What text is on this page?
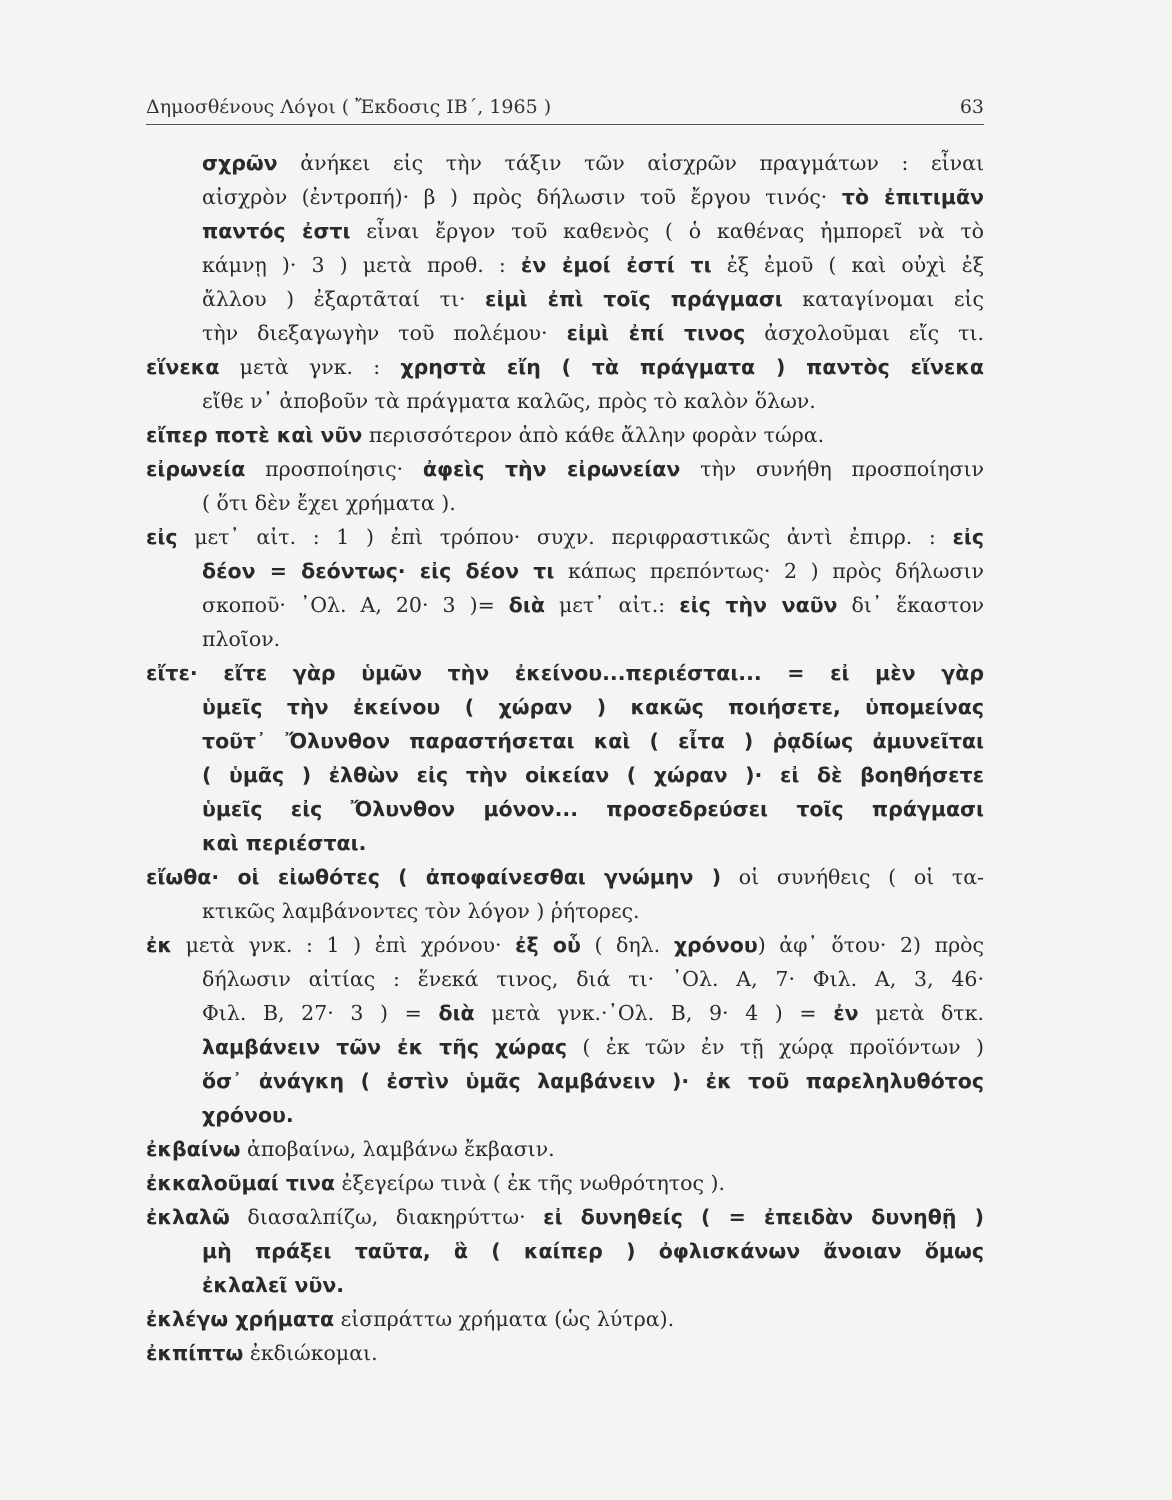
Δημοσθένους Λόγοι ( Ἔκδοσις ΙΒ΄, 1965 )	63
σχρῶν ἀνήκει εἰς τὴν τάξιν τῶν αἰσχρῶν πραγμάτων : εἶναι
αἰσχρὸν (ἐντροπή)· β ) πρὸς δήλωσιν τοῦ ἔργου τινός· τὸ ἐπιτιμᾶν
παντός ἐστι εἶναι ἔργον τοῦ καθενὸς ( ὁ καθένας ἠμπορεῖ νὰ τὸ
κάμνῃ )· 3 ) μετὰ προθ. : ἐν ἐμοί ἐστί τι ἐξ ἐμοῦ ( καὶ οὐχὶ ἐξ
ἄλλου ) ἐξαρτᾶταί τι· εἰμὶ ἐπὶ τοῖς πράγμασι καταγίνομαι εἰς
τὴν διεξαγωγὴν τοῦ πολέμου· εἰμὶ ἐπί τινος ἀσχολοῦμαι εἴς τι.
εἵνεκα μετὰ γνκ. : χρηστὰ εἴη ( τὰ πράγματα ) παντὸς εἵνεκα
εἴθε ν᾿ ἀποβοῦν τὰ πράγματα καλῶς, πρὸς τὸ καλὸν ὅλων.
εἴπερ ποτὲ καὶ νῦν περισσότερον ἀπὸ κάθε ἄλλην φορὰν τώρα.
εἰρωνεία προσποίησις· ἀφεὶς τὴν εἰρωνείαν τὴν συνήθη προσποίησιν
( ὅτι δὲν ἔχει χρήματα ).
εἰς μετ᾿ αἰτ. : 1 ) ἐπὶ τρόπου· συχν. περιφραστικῶς ἀντὶ ἐπιρρ. : εἰς
δέον = δεόντως· εἰς δέον τι κάπως πρεπόντως· 2 ) πρὸς δήλωσιν
σκοποῦ· ᾿Ολ. Α, 20· 3 )= διὰ μετ᾿ αἰτ.: εἰς τὴν ναῦν δι᾿ ἕκαστον
πλοῖον.
εἴτε· εἴτε γὰρ ὑμῶν τὴν ἐκείνου...περιέσται... = εἰ μὲν γὰρ
ὑμεῖς τὴν ἐκείνου ( χώραν ) κακῶς ποιήσετε, ὑπομείνας
τοῦτ᾿ Ὄλυνθον παραστήσεται καὶ ( εἶτα ) ῥᾳδίως ἀμυνεῖται
( ὑμᾶς ) ἐλθὼν εἰς τὴν οἰκείαν ( χώραν )· εἰ δὲ βοηθήσετε
ὑμεῖς εἰς Ὄλυνθον μόνον... προσεδρεύσει τοῖς πράγμασι
καὶ περιέσται.
εἴωθα· οἱ εἰωθότες ( ἀποφαίνεσθαι γνώμην ) οἱ συνήθεις ( οἱ τα-
κτικῶς λαμβάνοντες τὸν λόγον ) ῥήτορες.
ἐκ μετὰ γνκ. : 1 ) ἐπὶ χρόνου· ἐξ οὗ ( δηλ. χρόνου) ἀφ᾿ ὅτου· 2) πρὸς
δήλωσιν αἰτίας : ἕνεκά τινος, διά τι· ᾿Ολ. Α, 7· Φιλ. Α, 3, 46·
Φιλ. Β, 27· 3 ) = διὰ μετὰ γνκ.·᾿Ολ. Β, 9· 4 ) = ἐν μετὰ δτκ.
λαμβάνειν τῶν ἐκ τῆς χώρας ( ἐκ τῶν ἐν τῇ χώρᾳ προϊόντων )
ὅσ᾿ ἀνάγκη ( ἐστὶν ὑμᾶς λαμβάνειν )· ἐκ τοῦ παρεληλυθότος
χρόνου.
ἐκβαίνω ἀποβαίνω, λαμβάνω ἔκβασιν.
ἐκκαλοῦμαί τινα ἐξεγείρω τινὰ ( ἐκ τῆς νωθρότητος ).
ἐκλαλῶ διασαλπίζω, διακηρύττω· εἰ δυνηθείς ( = ἐπειδὰν δυνηθῇ )
μὴ πράξει ταῦτα, ἃ ( καίπερ ) ὀφλισκάνων ἄνοιαν ὅμως
ἐκλαλεῖ νῦν.
ἐκλέγω χρήματα εἰσπράττω χρήματα (ὡς λύτρα).
ἐκπίπτω ἐκδιώκομαι.
